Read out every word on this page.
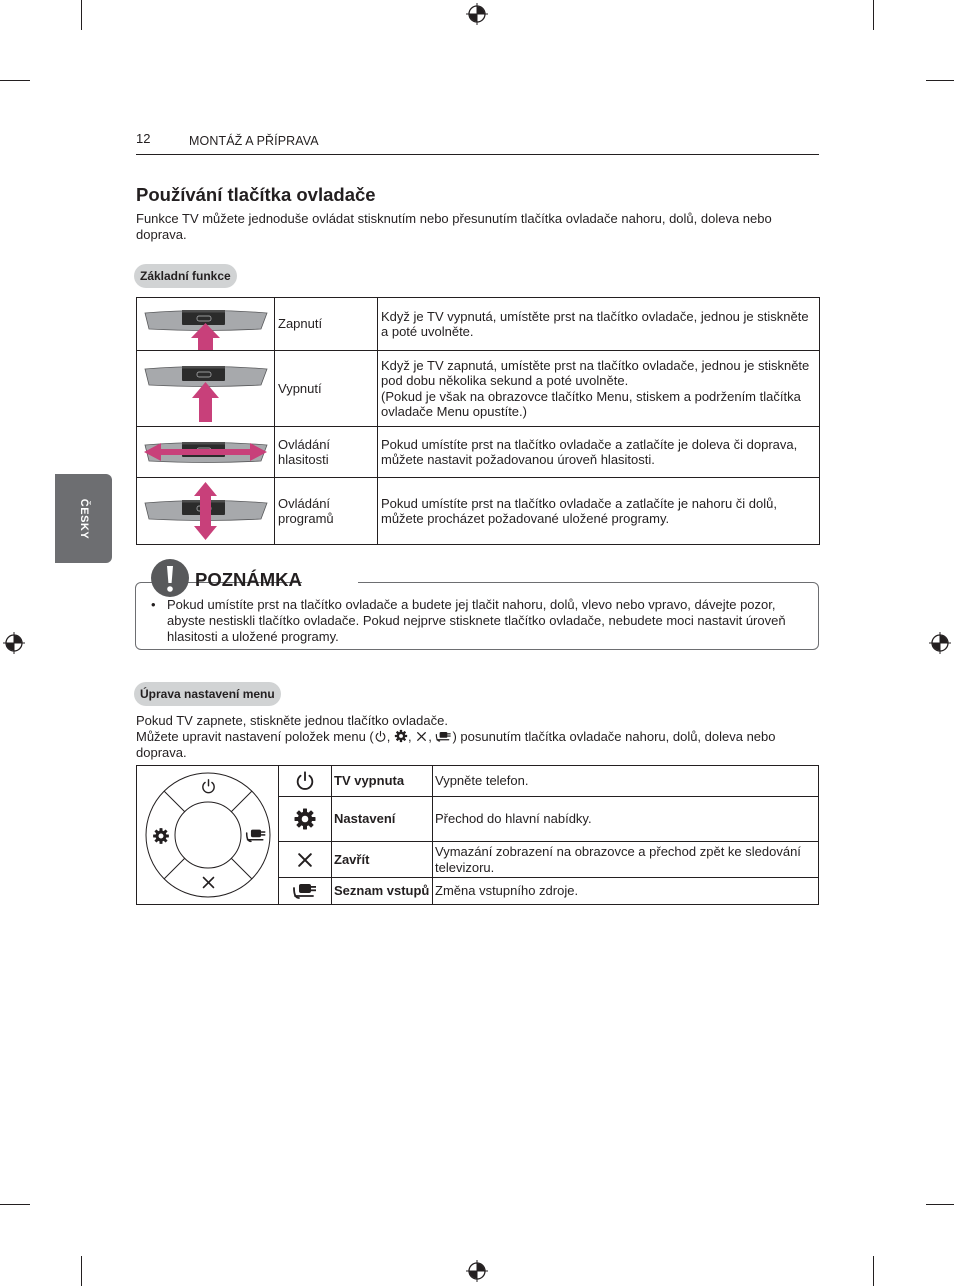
12	MONTÁŽ A PŘÍPRAVA
ČESKY
Používání tlačítka ovladače
Funkce TV můžete jednoduše ovládat stisknutím nebo přesunutím tlačítka ovladače nahoru, dolů, doleva nebo doprava.
Základní funkce
	Zapnutí	Když je TV vypnutá, umístěte prst na tlačítko ovladače, jednou je stiskněte a poté uvolněte.

	Vypnutí	Když je TV zapnutá, umístěte prst na tlačítko ovladače, jednou je stiskněte pod dobu několika sekund a poté uvolněte.
(Pokud je však na obrazovce tlačítko Menu, stiskem a podržením tlačítka ovladače Menu opustíte.)

	Ovládání hlasitosti	Pokud umístíte prst na tlačítko ovladače a zatlačíte je doleva či doprava, můžete nastavit požadovanou úroveň hlasitosti.

	Ovládání programů	Pokud umístíte prst na tlačítko ovladače a zatlačíte je nahoru či dolů, můžete procházet požadované uložené programy.
POZNÁMKA
• Pokud umístíte prst na tlačítko ovladače a budete jej tlačit nahoru, dolů, vlevo nebo vpravo, dávejte pozor, abyste nestiskli tlačítko ovladače. Pokud nejprve stisknete tlačítko ovladače, nebudete moci nastavit úroveň hlasitosti a uložené programy.
Úprava nastavení menu
Pokud TV zapnete, stiskněte jednou tlačítko ovladače.
Můžete upravit nastavení položek menu ( , , , ) posunutím tlačítka ovladače nahoru, dolů, doleva nebo doprava.
		TV vypnuta	Vypněte telefon.
	Nastavení	Přechod do hlavní nabídky.
	Zavřít	Vymazání zobrazení na obrazovce a přechod zpět ke sledování televizoru.
	Seznam vstupů	Změna vstupního zdroje.
